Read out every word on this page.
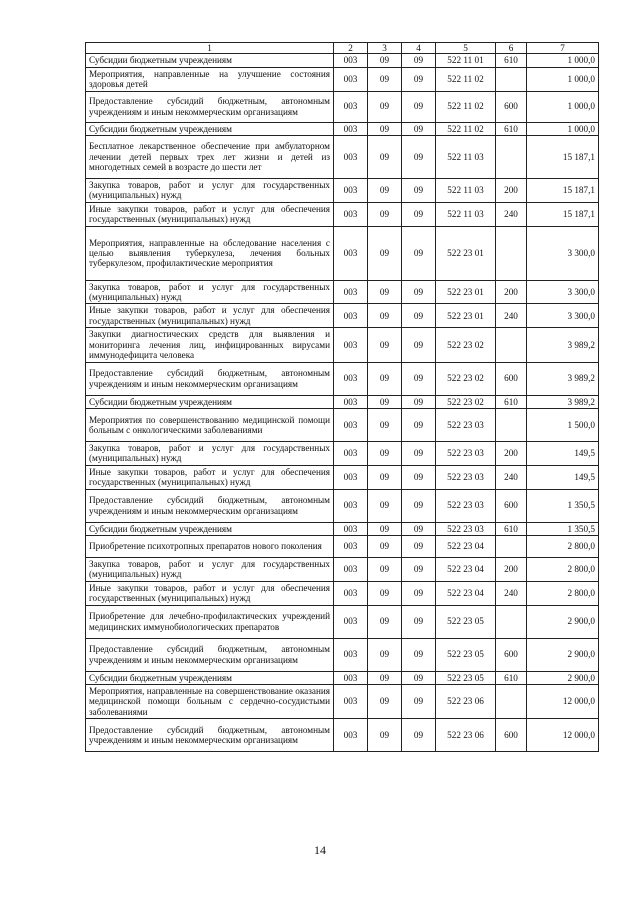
1	2	3	4	5	6	7
Субсидии бюджетным учреждениям	003	09	09	522 11 01	610	1 000,0
Мероприятия, направленные на улучшение состояния здоровья детей	003	09	09	522 11 02		1 000,0
Предоставление субсидий бюджетным, автономным учреждениям и иным некоммерческим организациям	003	09	09	522 11 02	600	1 000,0
Субсидии бюджетным учреждениям	003	09	09	522 11 02	610	1 000,0
Бесплатное лекарственное обеспечение при амбулаторном лечении детей первых трех лет жизни и детей из многодетных семей в возрасте до шести лет	003	09	09	522 11 03		15 187,1
Закупка товаров, работ и услуг для государственных (муниципальных) нужд	003	09	09	522 11 03	200	15 187,1
Иные закупки товаров, работ и услуг для обеспечения государственных (муниципальных) нужд	003	09	09	522 11 03	240	15 187,1
Мероприятия, направленные на обследование населения с целью выявления туберкулеза, лечения больных туберкулезом, профилактические мероприятия	003	09	09	522 23 01		3 300,0
Закупка товаров, работ и услуг для государственных (муниципальных) нужд	003	09	09	522 23 01	200	3 300,0
Иные закупки товаров, работ и услуг для обеспечения государственных (муниципальных) нужд	003	09	09	522 23 01	240	3 300,0
Закупки диагностических средств для выявления и мониторинга лечения лиц, инфицированных вирусами иммунодефицита человека	003	09	09	522 23 02		3 989,2
Предоставление субсидий бюджетным, автономным учреждениям и иным некоммерческим организациям	003	09	09	522 23 02	600	3 989,2
Субсидии бюджетным учреждениям	003	09	09	522 23 02	610	3 989,2
Мероприятия по совершенствованию медицинской помощи больным с онкологическими заболеваниями	003	09	09	522 23 03		1 500,0
Закупка товаров, работ и услуг для государственных (муниципальных) нужд	003	09	09	522 23 03	200	149,5
Иные закупки товаров, работ и услуг для обеспечения государственных (муниципальных) нужд	003	09	09	522 23 03	240	149,5
Предоставление субсидий бюджетным, автономным учреждениям и иным некоммерческим организациям	003	09	09	522 23 03	600	1 350,5
Субсидии бюджетным учреждениям	003	09	09	522 23 03	610	1 350,5
Приобретение психотропных препаратов нового поколения	003	09	09	522 23 04		2 800,0
Закупка товаров, работ и услуг для государственных (муниципальных) нужд	003	09	09	522 23 04	200	2 800,0
Иные закупки товаров, работ и услуг для обеспечения государственных (муниципальных) нужд	003	09	09	522 23 04	240	2 800,0
Приобретение для лечебно-профилактических учреждений медицинских иммунобиологических препаратов	003	09	09	522 23 05		2 900,0
Предоставление субсидий бюджетным, автономным учреждениям и иным некоммерческим организациям	003	09	09	522 23 05	600	2 900,0
Субсидии бюджетным учреждениям	003	09	09	522 23 05	610	2 900,0
Мероприятия, направленные на совершенствование оказания медицинской помощи больным с сердечно-сосудистыми заболеваниями	003	09	09	522 23 06		12 000,0
Предоставление субсидий бюджетным, автономным учреждениям и иным некоммерческим организациям	003	09	09	522 23 06	600	12 000,0
14
